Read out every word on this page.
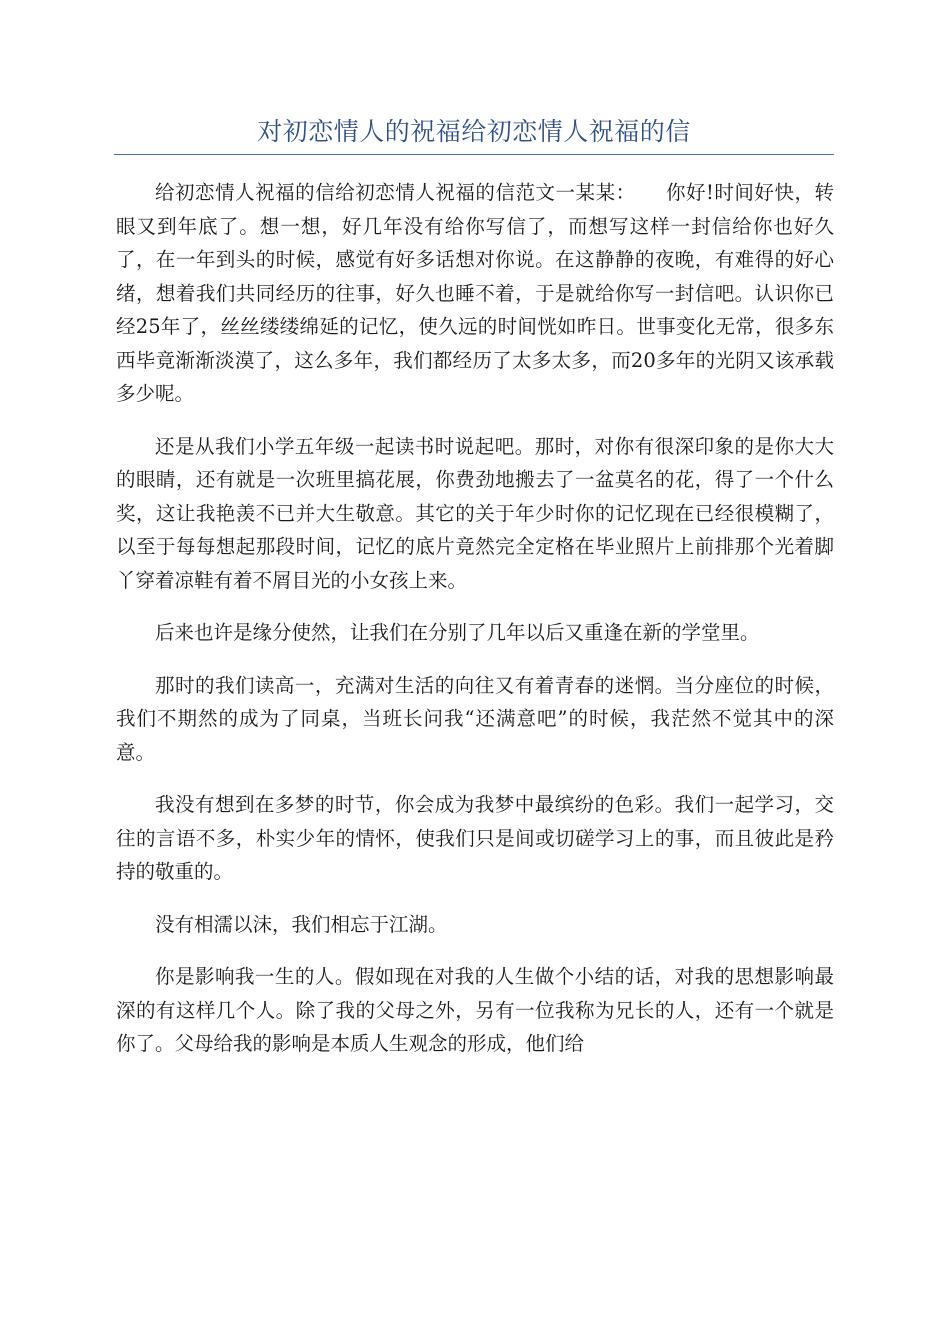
对初恋情人的祝福给初恋情人祝福的信

给初恋情人祝福的信给初恋情人祝福的信范文一某某：　　你好!时间好快，转眼又到年底了。想一想，好几年没有给你写信了，而想写这样一封信给你也好久了，在一年到头的时候，感觉有好多话想对你说。在这静静的夜晚，有难得的好心绪，想着我们共同经历的往事，好久也睡不着，于是就给你写一封信吧。认识你已经25年了，丝丝缕缕绵延的记忆，使久远的时间恍如昨日。世事变化无常，很多东西毕竟渐渐淡漠了，这么多年，我们都经历了太多太多，而20多年的光阴又该承载多少呢。

还是从我们小学五年级一起读书时说起吧。那时，对你有很深印象的是你大大的眼睛，还有就是一次班里搞花展，你费劲地搬去了一盆莫名的花，得了一个什么奖，这让我艳羡不已并大生敬意。其它的关于年少时你的记忆现在已经很模糊了，以至于每每想起那段时间，记忆的底片竟然完全定格在毕业照片上前排那个光着脚丫穿着凉鞋有着不屑目光的小女孩上来。

后来也许是缘分使然，让我们在分别了几年以后又重逢在新的学堂里。

那时的我们读高一，充满对生活的向往又有着青春的迷惘。当分座位的时候，我们不期然的成为了同桌，当班长问我“还满意吧”的时候，我茫然不觉其中的深意。

我没有想到在多梦的时节，你会成为我梦中最缤纷的色彩。我们一起学习，交往的言语不多，朴实少年的情怀，使我们只是间或切磋学习上的事，而且彼此是矜持的敬重的。

没有相濡以沫，我们相忘于江湖。

你是影响我一生的人。假如现在对我的人生做个小结的话，对我的思想影响最深的有这样几个人。除了我的父母之外，另有一位我称为兄长的人，还有一个就是你了。父母给我的影响是本质人生观念的形成，他们给
